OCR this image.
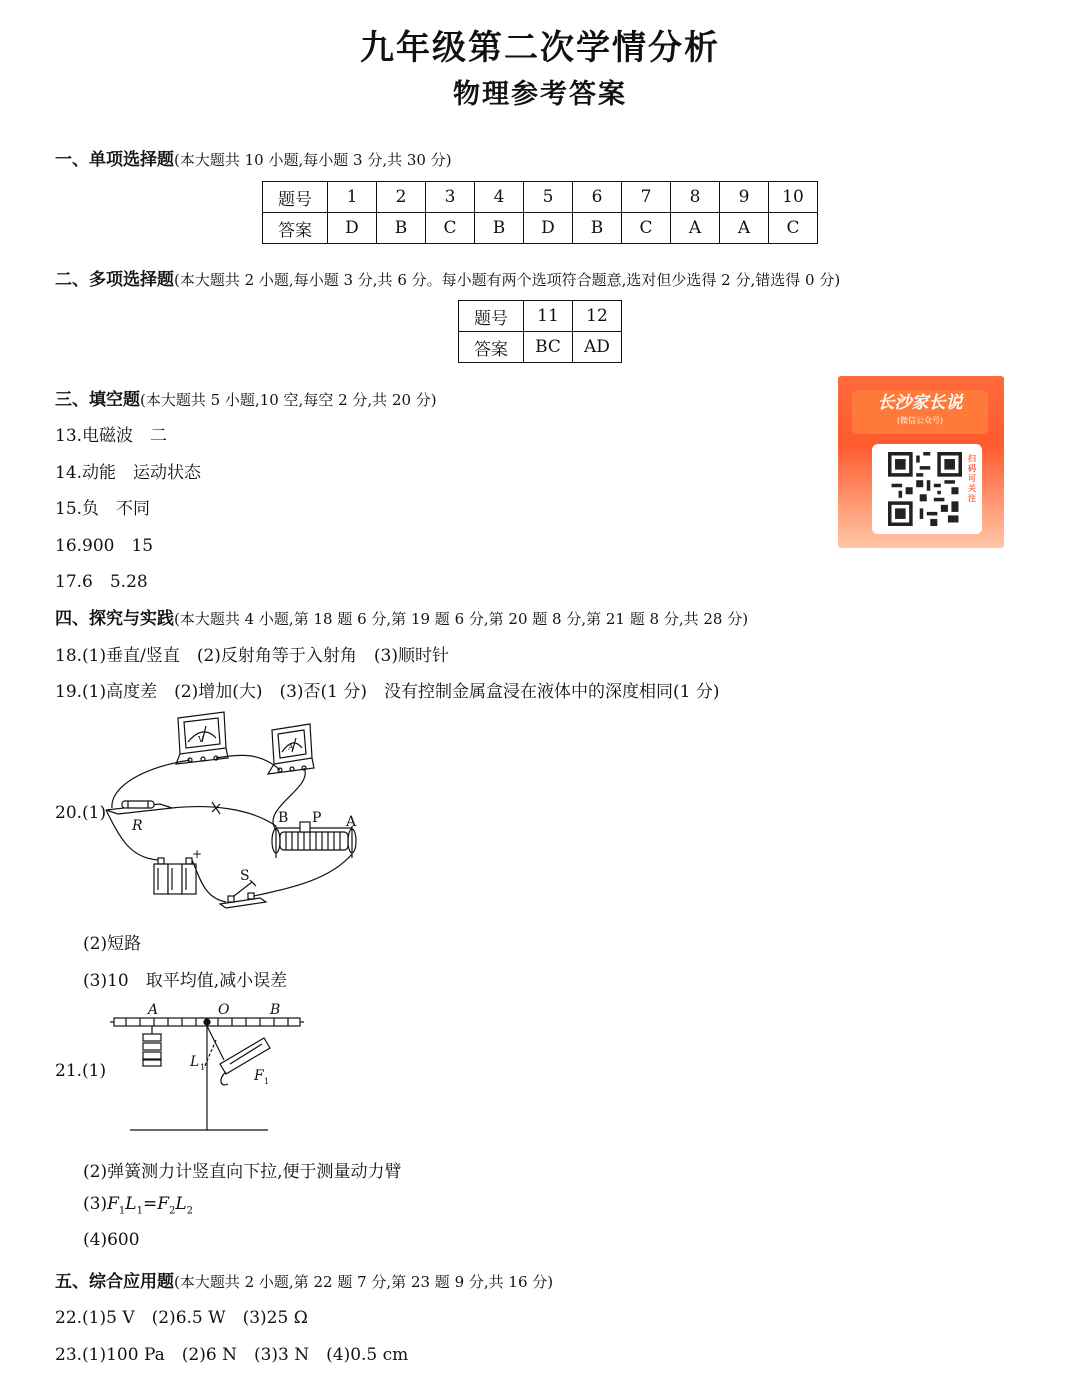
九年级第二次学情分析
物理参考答案
一、单项选择题(本大题共 10 小题,每小题 3 分,共 30 分)
题号	1	2	3	4	5	6	7	8	9	10
答案	D	B	C	B	D	B	C	A	A	C
二、多项选择题(本大题共 2 小题,每小题 3 分,共 6 分。每小题有两个选项符合题意,选对但少选得 2 分,错选得 0 分)
题号	11	12
答案	BC	AD
三、填空题(本大题共 5 小题,10 空,每空 2 分,共 20 分)
13.电磁波　二
14.动能　运动状态
15.负　不同
16.900　15
17.6　5.28
长沙家长说
(微信公众号)
扫码可关注
四、探究与实践(本大题共 4 小题,第 18 题 6 分,第 19 题 6 分,第 20 题 8 分,第 21 题 8 分,共 28 分)
18.(1)垂直/竖直　(2)反射角等于入射角　(3)顺时针
19.(1)高度差　(2)增加(大)　(3)否(1 分)　没有控制金属盒浸在液体中的深度相同(1 分)
20.(1)
R	B P A
S
-	+
V
A
(2)短路
(3)10　取平均值,减小误差
21.(1)
A	O	B
L 1
F 1
(2)弹簧测力计竖直向下拉,便于测量动力臂
$(3)F_1L_1=F_2L_2$
(4)600
五、综合应用题(本大题共 2 小题,第 22 题 7 分,第 23 题 9 分,共 16 分)
22.(1)5 V　(2)6.5 W　(3)25 Ω
23.(1)100 Pa　(2)6 N　(3)3 N　(4)0.5 cm
